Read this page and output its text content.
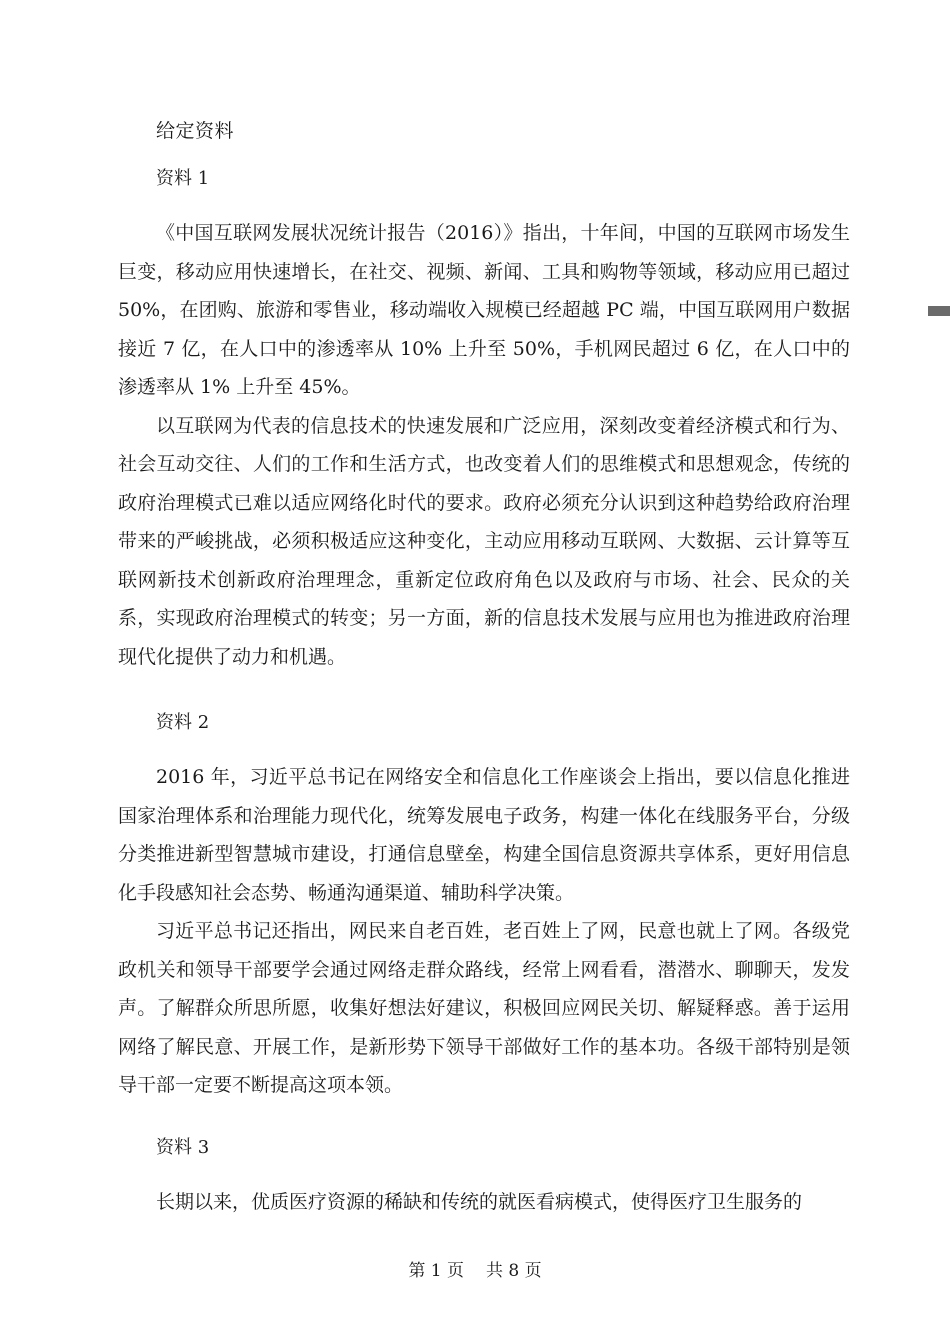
给定资料
资料 1

《中国互联网发展状况统计报告（2016）》指出，十年间，中国的互联网市场发生巨变，移动应用快速增长，在社交、视频、新闻、工具和购物等领域，移动应用已超过 50%，在团购、旅游和零售业，移动端收入规模已经超越 PC 端，中国互联网用户数据接近 7 亿，在人口中的渗透率从 10% 上升至 50%，手机网民超过 6 亿，在人口中的渗透率从 1% 上升至 45%。

以互联网为代表的信息技术的快速发展和广泛应用，深刻改变着经济模式和行为、社会互动交往、人们的工作和生活方式，也改变着人们的思维模式和思想观念，传统的政府治理模式已难以适应网络化时代的要求。政府必须充分认识到这种趋势给政府治理带来的严峻挑战，必须积极适应这种变化，主动应用移动互联网、大数据、云计算等互联网新技术创新政府治理理念，重新定位政府角色以及政府与市场、社会、民众的关系，实现政府治理模式的转变；另一方面，新的信息技术发展与应用也为推进政府治理现代化提供了动力和机遇。

资料 2

2016 年，习近平总书记在网络安全和信息化工作座谈会上指出，要以信息化推进国家治理体系和治理能力现代化，统筹发展电子政务，构建一体化在线服务平台，分级分类推进新型智慧城市建设，打通信息壁垒，构建全国信息资源共享体系，更好用信息化手段感知社会态势、畅通沟通渠道、辅助科学决策。

习近平总书记还指出，网民来自老百姓，老百姓上了网，民意也就上了网。各级党政机关和领导干部要学会通过网络走群众路线，经常上网看看，潜潜水、聊聊天，发发声。了解群众所思所愿，收集好想法好建议，积极回应网民关切、解疑释惑。善于运用网络了解民意、开展工作，是新形势下领导干部做好工作的基本功。各级干部特别是领导干部一定要不断提高这项本领。

资料 3

长期以来，优质医疗资源的稀缺和传统的就医看病模式，使得医疗卫生服务的

第 1 页 共 8 页
